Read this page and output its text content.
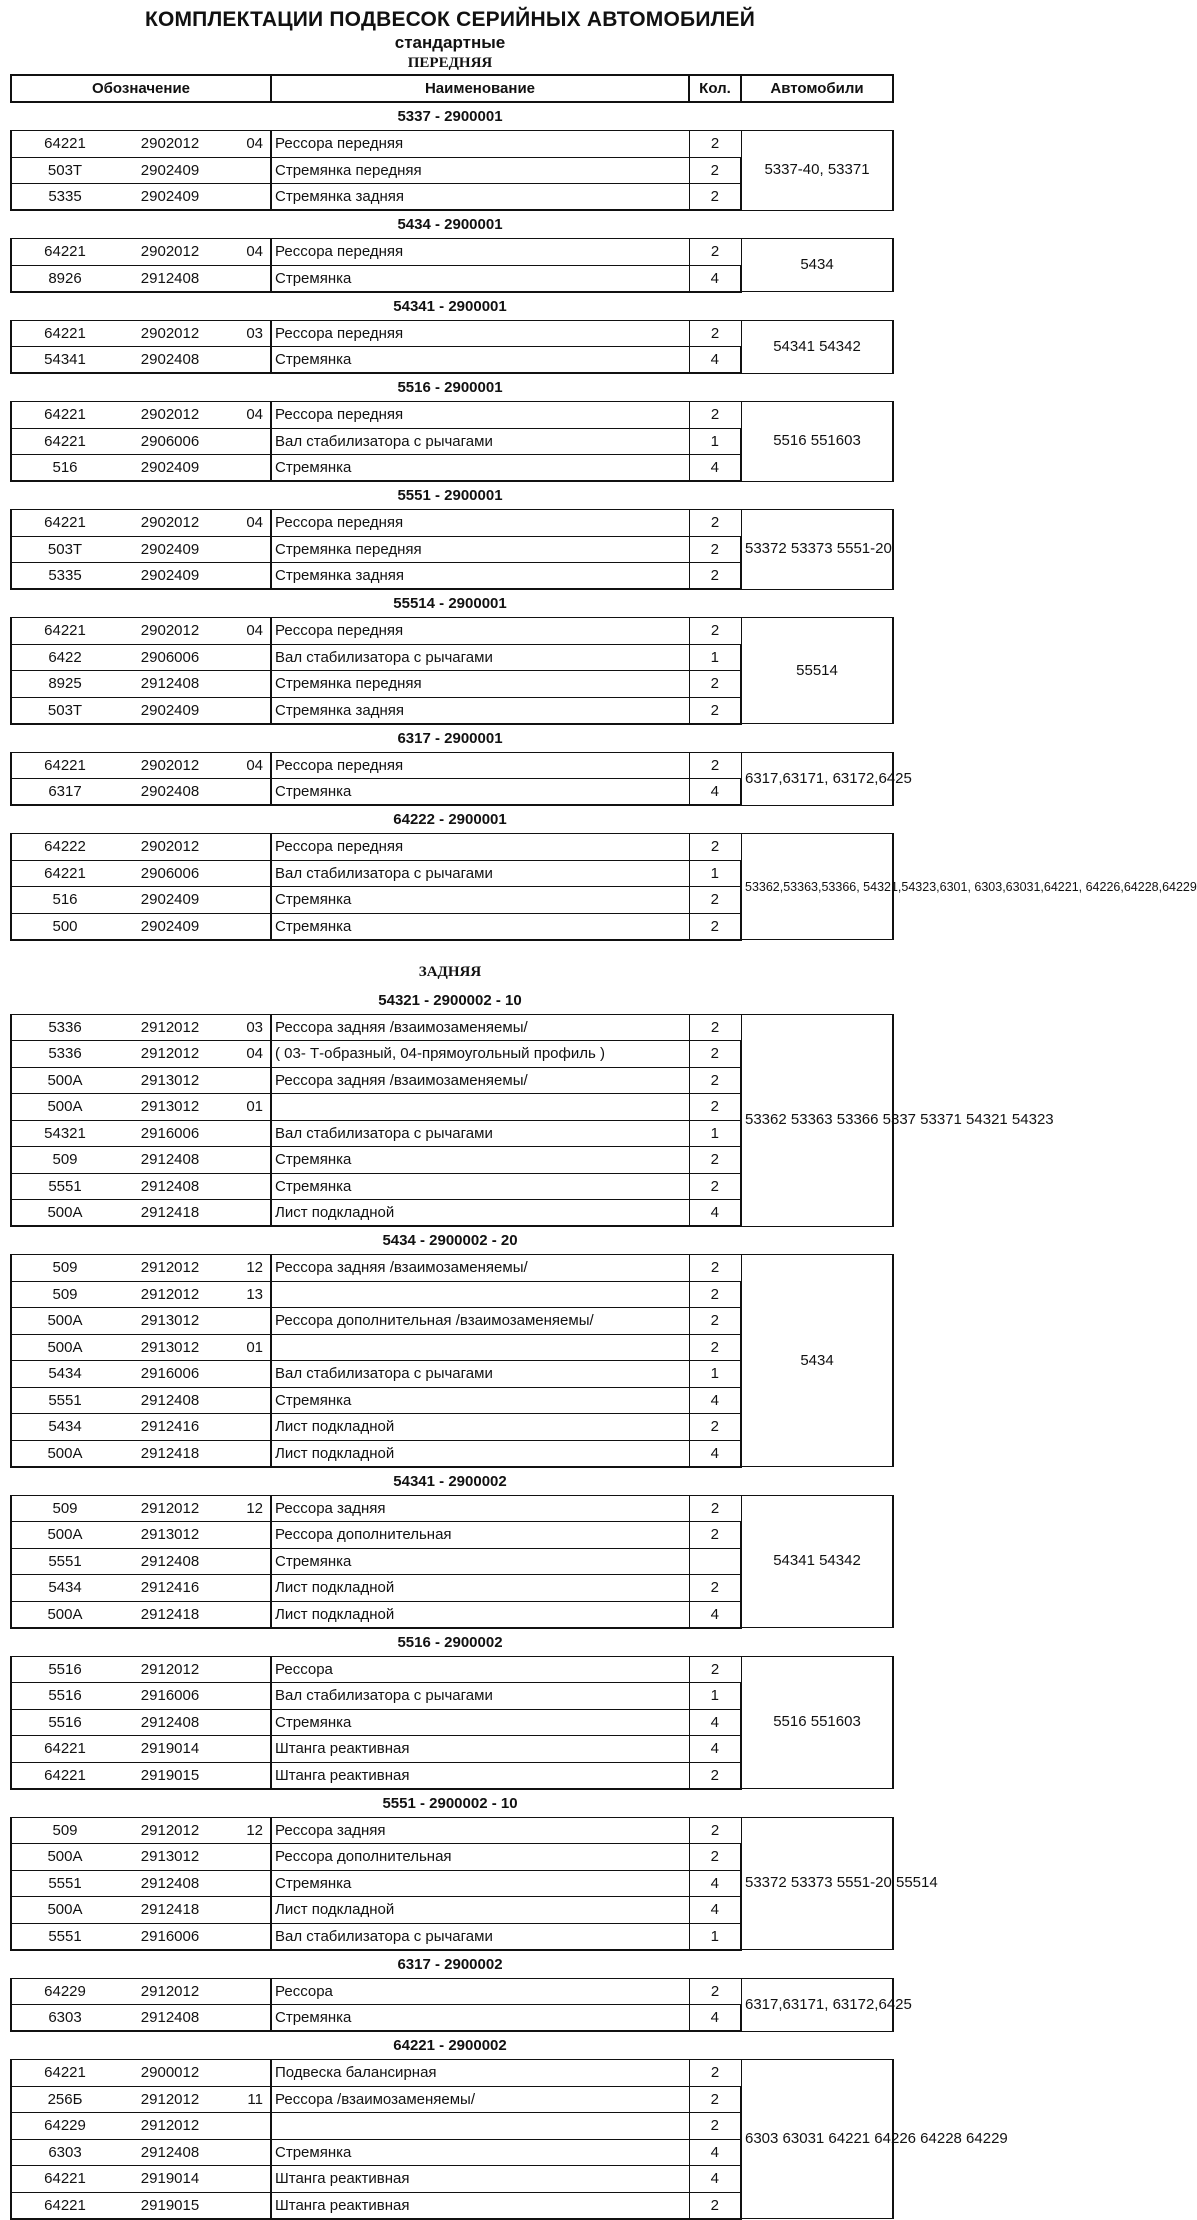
КОМПЛЕКТАЦИИ ПОДВЕСОК СЕРИЙНЫХ АВТОМОБИЛЕЙ
стандартные
ПЕРЕДНЯЯ
Обозначение	Наименование	Кол.	Автомобили
5337 - 2900001
64221 2902012 04	Рессора передняя	2	5337-40, 53371

503Т 2902409	Стремянка передняя	2	

5335 2902409	Стремянка задняя	2	
5434 - 2900001
64221 2902012 04	Рессора передняя	2	5434

8926 2912408	Стремянка	4	
54341 - 2900001
64221 2902012 03	Рессора передняя	2	54341 54342

54341 2902408	Стремянка	4	
5516 - 2900001
64221 2902012 04	Рессора передняя	2	5516 551603

64221 2906006	Вал стабилизатора с рычагами	1	

516 2902409	Стремянка	4	
5551 - 2900001
64221 2902012 04	Рессора передняя	2	53372 53373 5551-20

503Т 2902409	Стремянка передняя	2	

5335 2902409	Стремянка задняя	2	
55514 - 2900001
64221 2902012 04	Рессора передняя	2	55514

6422 2906006	Вал стабилизатора с рычагами	1	

8925 2912408	Стремянка передняя	2	

503Т 2902409	Стремянка задняя	2	
6317 - 2900001
64221 2902012 04	Рессора передняя	2	6317,63171, 63172,6425

6317 2902408	Стремянка	4	
64222 - 2900001
64222 2902012	Рессора передняя	2	53362,53363,53366, 54321,54323,6301, 6303,63031,64221, 64226,64228,64229

64221 2906006	Вал стабилизатора с рычагами	1	

516 2902409	Стремянка	2	

500 2902409	Стремянка	2	
ЗАДНЯЯ
54321 - 2900002 - 10
5336 2912012 03	Рессора задняя /взаимозаменяемы/	2	53362 53363 53366 5337 53371 54321 54323

5336 2912012 04	( 03- Т-образный, 04-прямоугольный профиль )	2	

500А 2913012	Рессора задняя /взаимозаменяемы/	2	

500А 2913012 01		2	

54321 2916006	Вал стабилизатора с рычагами	1	

509 2912408	Стремянка	2	

5551 2912408	Стремянка	2	

500А 2912418	Лист подкладной	4	
5434 - 2900002 - 20
509 2912012 12	Рессора задняя /взаимозаменяемы/	2	5434

509 2912012 13		2	

500А 2913012	Рессора дополнительная /взаимозаменяемы/	2	

500А 2913012 01		2	

5434 2916006	Вал стабилизатора с рычагами	1	

5551 2912408	Стремянка	4	

5434 2912416	Лист подкладной	2	

500А 2912418	Лист подкладной	4	
54341 - 2900002
509 2912012 12	Рессора задняя	2	54341 54342

500А 2913012	Рессора дополнительная	2	

5551 2912408	Стремянка		

5434 2912416	Лист подкладной	2	

500А 2912418	Лист подкладной	4	
5516 - 2900002
5516 2912012	Рессора	2	5516 551603

5516 2916006	Вал стабилизатора с рычагами	1	

5516 2912408	Стремянка	4	

64221 2919014	Штанга реактивная	4	

64221 2919015	Штанга реактивная	2	
5551 - 2900002 - 10
509 2912012 12	Рессора задняя	2	53372 53373 5551-20 55514

500А 2913012	Рессора дополнительная	2	

5551 2912408	Стремянка	4	

500А 2912418	Лист подкладной	4	

5551 2916006	Вал стабилизатора с рычагами	1	
6317 - 2900002
64229 2912012	Рессора	2	6317,63171, 63172,6425

6303 2912408	Стремянка	4	
64221 - 2900002
64221 2900012	Подвеска балансирная	2	6303 63031 64221 64226 64228 64229

256Б 2912012 11	Рессора /взаимозаменяемы/	2	

64229 2912012		2	

6303 2912408	Стремянка	4	

64221 2919014	Штанга реактивная	4	

64221 2919015	Штанга реактивная	2	
